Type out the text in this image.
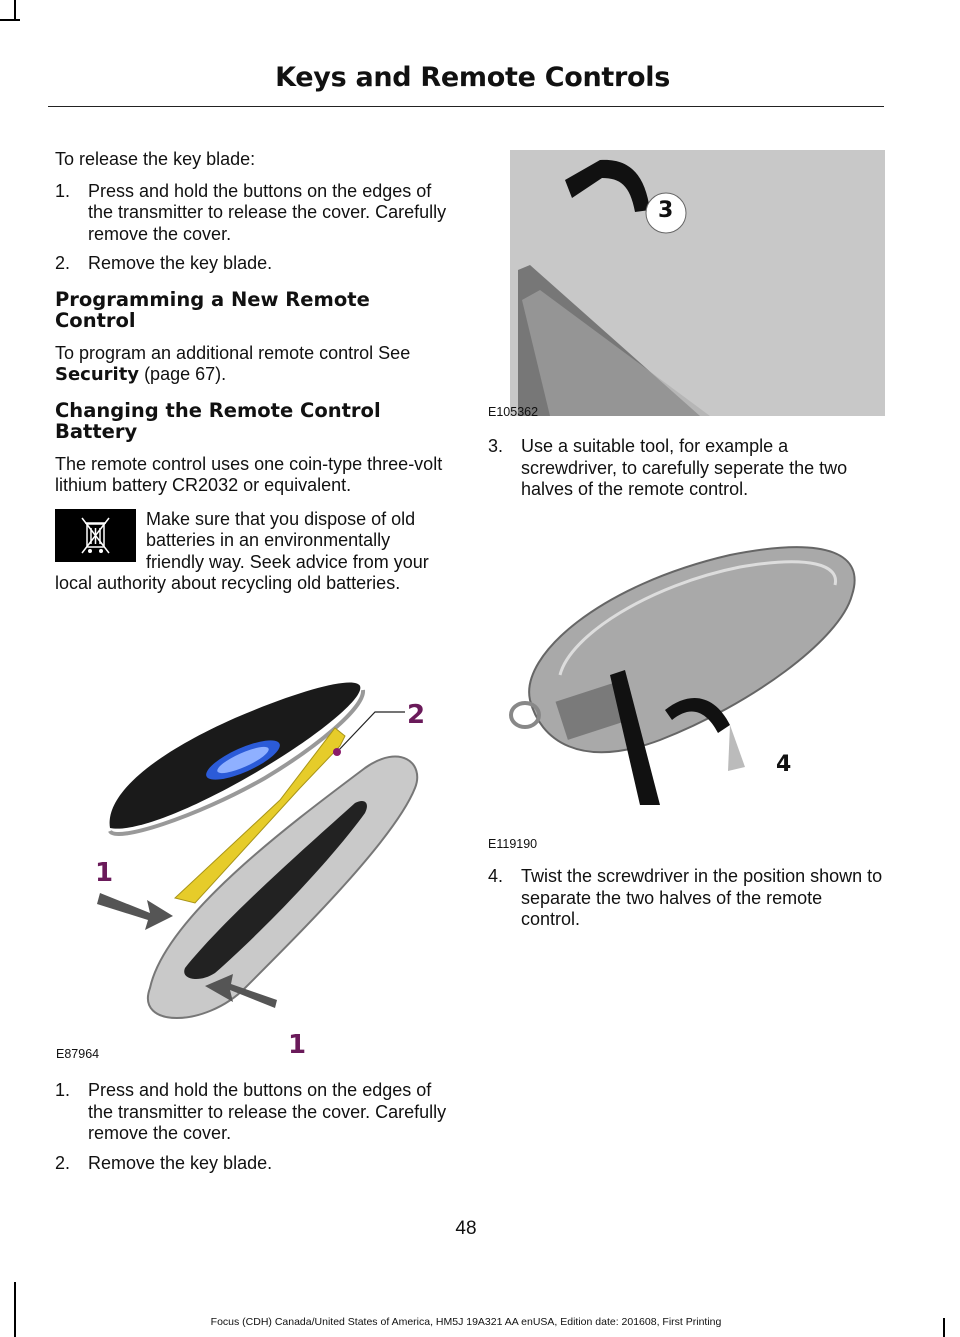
Keys and Remote Controls

To release the key blade:

1. Press and hold the buttons on the edges of the transmitter to release the cover. Carefully remove the cover.
2. Remove the key blade.
Programming a New Remote Control

To program an additional remote control See Security (page 67).

Changing the Remote Control Battery

The remote control uses one coin-type three-volt lithium battery CR2032 or equivalent.

Make sure that you dispose of old batteries in an environmentally friendly way. Seek advice from your local authority about recycling old batteries.
2
1
1
E87964
1. Press and hold the buttons on the edges of the transmitter to release the cover. Carefully remove the cover.
2. Remove the key blade.
3
E105362
3. Use a suitable tool, for example a screwdriver, to carefully seperate the two halves of the remote control.
4
E119190
4. Twist the screwdriver in the position shown to separate the two halves of the remote control.
48
Focus (CDH) Canada/United States of America, HM5J 19A321 AA enUSA, Edition date: 201608, First Printing
